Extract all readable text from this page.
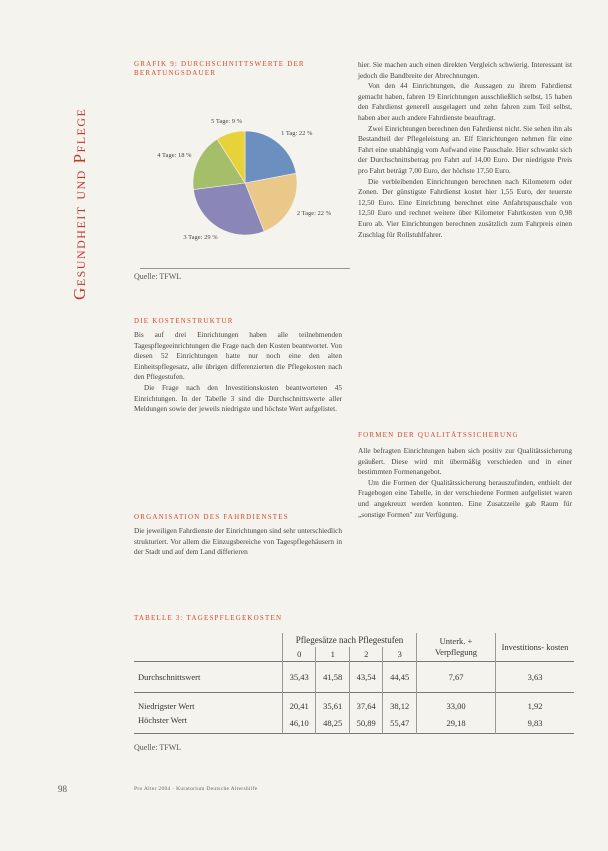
Gesundheit und Pflege
GRAFIK 9: DURCHSCHNITTSWERTE DER
BERATUNGSDAUER
1 Tag: 22 %
2 Tage: 22 %
3 Tage: 29 %
4 Tage: 18 %
5 Tage: 9 %
Quelle: TFWL
DIE KOSTENSTRUKTUR

Bis auf drei Einrichtungen haben alle teilnehmenden Tagespflegeeinrichtungen die Frage nach den Kosten beantwortet. Von diesen 52 Einrichtungen hatte nur noch eine den alten Einheitspflegesatz, alle übrigen differenzierten die Pflegekosten nach den Pflegestufen.

Die Frage nach den Investitionskosten beantworteten 45 Einrichtungen. In der Tabelle 3 sind die Durchschnittswerte aller Meldungen sowie der jeweils niedrigste und höchste Wert aufgelistet.

ORGANISATION DES FAHRDIENSTES

Die jeweiligen Fahrdienste der Einrichtungen sind sehr unterschiedlich strukturiert. Vor allem die Einzugsbereiche von Tagespflegehäusern in der Stadt und auf dem Land differieren

hier. Sie machen auch einen direkten Vergleich schwierig. Interessant ist jedoch die Bandbreite der Abrechnungen.

Von den 44 Einrichtungen, die Aussagen zu ihrem Fahrdienst gemacht haben, fahren 19 Einrichtungen ausschließlich selbst, 15 haben den Fahrdienst generell ausgelagert und zehn fahren zum Teil selbst, haben aber auch andere Fahrdienste beauftragt.

Zwei Einrichtungen berechnen den Fahrdienst nicht. Sie sehen ihn als Bestandteil der Pflegeleistung an. Elf Einrichtungen nehmen für eine Fahrt eine unabhängig vom Aufwand eine Pauschale. Hier schwankt sich der Durchschnittsbetrag pro Fahrt auf 14,00 Euro. Der niedrigste Preis pro Fahrt beträgt 7,00 Euro, der höchste 17,50 Euro.

Die verbleibenden Einrichtungen berechnen nach Kilometern oder Zonen. Der günstigste Fahrdienst kostet hier 1,55 Euro, der teuerste 12,50 Euro. Eine Einrichtung berechnet eine Anfahrtspauschale von 12,50 Euro und rechnet weitere über Kilometer Fahrtkosten von 0,98 Euro ab. Vier Einrichtungen berechnen zusätzlich zum Fahrpreis einen Zuschlag für Rollstuhlfahrer.

FORMEN DER QUALITÄTSSICHERUNG

Alle befragten Einrichtungen haben sich positiv zur Qualitätssicherung geäußert. Diese wird mit übermäßig verschieden und in einer bestimmten Formenangebot.

Um die Formen der Qualitätssicherung herauszufinden, enthielt der Fragebogen eine Tabelle, in der verschiedene Formen aufgelistet waren und angekreuzt werden konnten. Eine Zusatzzeile gab Raum für „sonstige Formen" zur Verfügung.

TABELLE 3: TAGESPFLEGEKOSTEN
	Pflegesätze nach Pflegestufen				Unterk. + Verpflegung	Investitions- kosten
	0	1	2	3		
Durchschnittswert	35,43	41,58	43,54	44,45	7,67	3,63
Niedrigster Wert	20,41	35,61	37,64	38,12	33,00	1,92
Höchster Wert	46,10	48,25	50,89	55,47	29,18	9,83

Quelle: TFWL
98	Pro Alter 2004 · Kuratorium Deutsche Altershilfe
